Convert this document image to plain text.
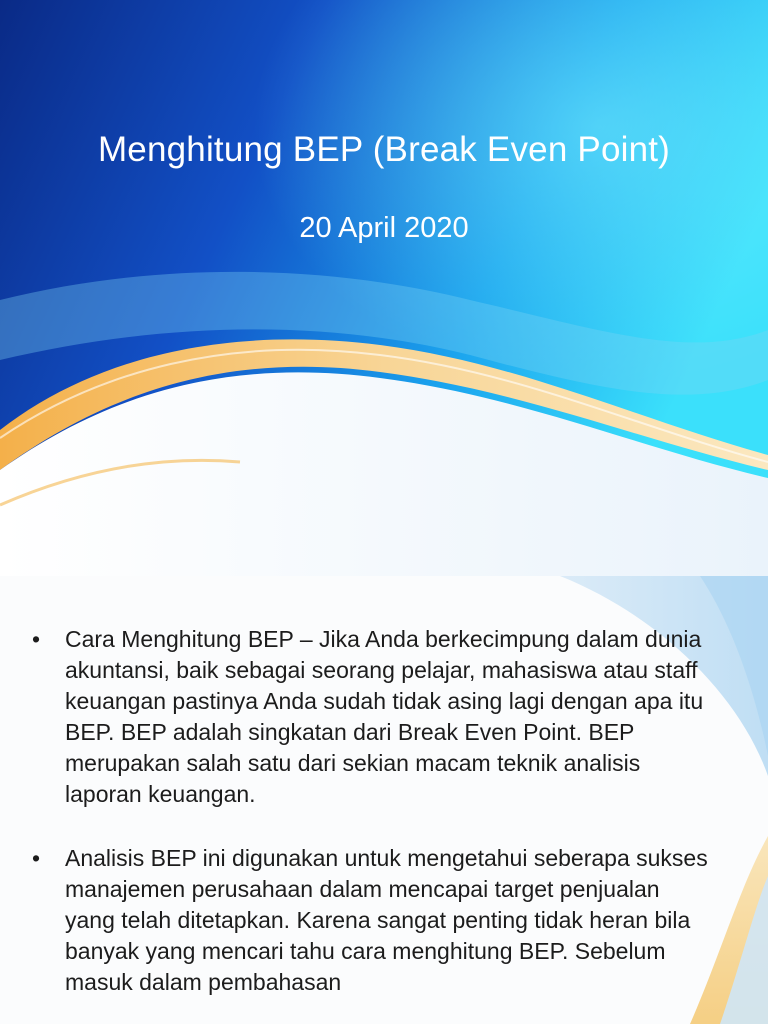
Menghitung BEP (Break Even Point)
20 April 2020
• Cara Menghitung BEP – Jika Anda berkecimpung dalam dunia akuntansi, baik sebagai seorang pelajar, mahasiswa atau staff keuangan pastinya Anda sudah tidak asing lagi dengan apa itu BEP. BEP adalah singkatan dari Break Even Point. BEP merupakan salah satu dari sekian macam teknik analisis laporan keuangan.
• Analisis BEP ini digunakan untuk mengetahui seberapa sukses manajemen perusahaan dalam mencapai target penjualan yang telah ditetapkan. Karena sangat penting tidak heran bila banyak yang mencari tahu cara menghitung BEP. Sebelum masuk dalam pembahasan
